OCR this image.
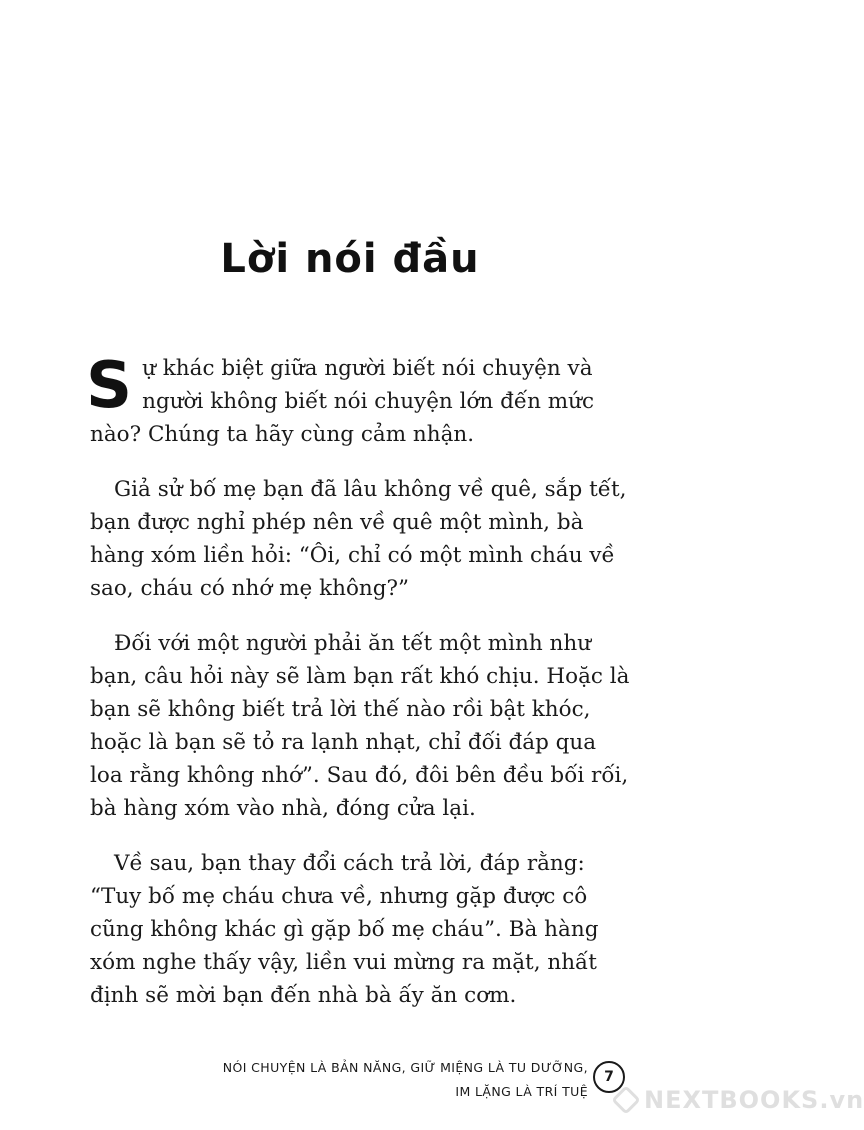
Lời nói đầu

Sự khác biệt giữa người biết nói chuyện và người không biết nói chuyện lớn đến mức nào? Chúng ta hãy cùng cảm nhận.

Giả sử bố mẹ bạn đã lâu không về quê, sắp tết, bạn được nghỉ phép nên về quê một mình, bà hàng xóm liền hỏi: “Ôi, chỉ có một mình cháu về sao, cháu có nhớ mẹ không?”

Đối với một người phải ăn tết một mình như bạn, câu hỏi này sẽ làm bạn rất khó chịu. Hoặc là bạn sẽ không biết trả lời thế nào rồi bật khóc, hoặc là bạn sẽ tỏ ra lạnh nhạt, chỉ đối đáp qua loa rằng không nhớ”. Sau đó, đôi bên đều bối rối, bà hàng xóm vào nhà, đóng cửa lại.

Về sau, bạn thay đổi cách trả lời, đáp rằng: “Tuy bố mẹ cháu chưa về, nhưng gặp được cô cũng không khác gì gặp bố mẹ cháu”. Bà hàng xóm nghe thấy vậy, liền vui mừng ra mặt, nhất định sẽ mời bạn đến nhà bà ấy ăn cơm.

NÓI CHUYỆN LÀ BẢN NĂNG, GIỮ MIỆNG LÀ TU DƯỠNG,
IM LẶNG LÀ TRÍ TUỆ
7
NEXTBOOKS.vn
